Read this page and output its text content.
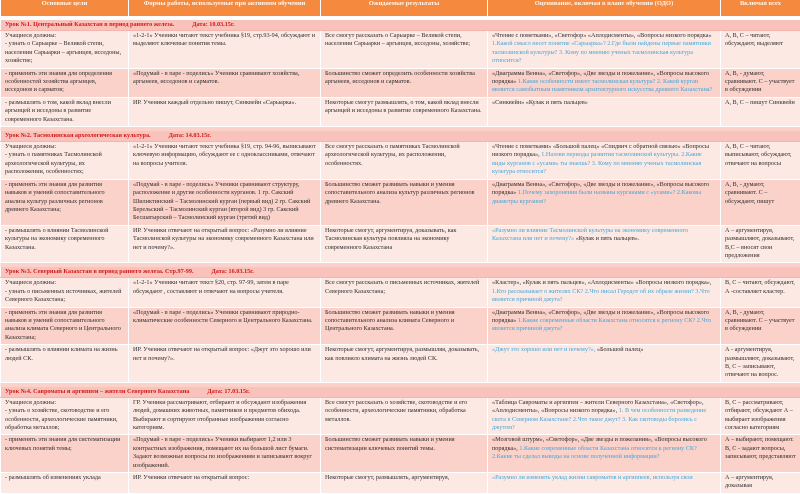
Основные цели	Формы работы, используемые при активном обучении	Ожидаемые результаты	Оценивание, включая в плане обучения (ОДО)	Включая всех
Урок №1. Центральный Казахстан в период раннего железа. Дата: 10.03.15г.				

Учащиеся должны:
- узнать о Сарыарке – Великой степи, населении Сарыарки – аргынцев, исседоны, хозяйстве;	«1-2-1» Ученики читают текст учебника §19, стр.93-94, обсуждают и выделяют ключевые понятия темы.	Все смогут рассказать о Сарыарке – Великой степи, населении Сарыарки – аргынцев, исседоны, хозяйстве;	«Чтение с пометками», «Светофор» «Аплодисменты», «Вопросы низкого порядка» 1.Какой смысл несет понятие «Сарыарка»? 2.Где были найдены первые памятники тасмолинской культуры? 3. Кому по мнению ученых тасмолинская культура относится?	А, В, С – читают, обсуждают, выделяют
- применять эти знания для определения особенностей хозяйства аргынцев, исседонов и сарматов;	«Подумай - в паре - поделись» Ученики сравнивают хозяйства, аргынеев, исседонов и сарматов.	Большинство сможет определить особенности хозяйства аргынеев, исседонов и сарматов.	«Диаграмма Венна», «Светофор», «Две звезды и пожелание», «Вопросы высокого порядка» 1.Какие особенности имеет тасмолинская культура? 2. Какой курган является самобытным памятником архитектурного искусства древнего Казахстана?	А, В, - думают, сравнивают. С – участвует в обсуждении
- размышлять о том, какой вклад внесли аргынцей и исседоны в развитие современного Казахстана.	ИР. Ученики каждый отдельно пишут, Синквейн «Сарыарка».	Некоторые смогут размышлять, о том, какой вклад внесли аргынцей и исседоны в развитие современного Казахстана.	«Синквейн» «Кулак и пять пальцев»	А, В, С – пишут Синквейн

Урок №2. Тасмолинская археологическая культура. Дата: 14.03.15г.				

Учащиеся должны:
- узнать о памятниках Тасмолинской археологической культуры, их расположении, особенностях;	«1-2-1» Ученики читают текст учебника §19, стр. 94-96, выписывают ключевую информацию, обсуждают ее с одноклассниками, отвечают на вопросы учителя.	Все смогут рассказать о памятниках Тасмолинской археологической культуры, их расположении, особенностях.	«Чтение с пометками» «Большой палец» «Спидвич с обратной связью» «Вопросы низкого порядка», 1.Назови периоды развития тасмолинской культуры. 2.Какие виды курганов с «усами» ты знаешь? 3. Кому по мнению ученых тасмолинская культура относится?	А, В, С – читают, выписывают, обсуждают, отвечают на вопросы
- применять эти знания для развития навыков и умений сопоставительного анализа культур различных регионов древнего Казахстана;	«Подумай - в паре - поделись» Ученики сравнивают структуру, расположение и другие особенности курганов. 1 гр. Сакский Шиликтинский – Тасмолинский курган (первый вид) 2 гр. Сакский Берельский – Тасмолинский курган (второй вид) 3 гр. Сакский Бесшатырский – Тасмолинский курган (третий вид)	Большинство сможет развивать навыки и умения сопоставительного анализа культур различных регионов древнего Казахстана.	«Диаграмма Венна», «Светофор», «Две звезды и пожелание», «Вопросы высокого порядка» 1.Почему захоронения были названы курганами с «усами»? 2.Каковы диаметры курганов?	А, В, - думают, сравнивают. С – обсуждают, пишут
- размышлять о влиянии Тасмолинской культуры на экономику современного Казахстана.	ИР. Ученики отвечают на открытый вопрос: «Разумно ли влияние Тасмолинской культуры на экономику современного Казахстана или нет и почему?».	Некоторые смогут, аргументируя, доказывать, как Тасмолинская культура повлияла на экономику современного Казахстана	«Разумно ли влияние Тасмолинской культуры на экономику современного Казахстана или нет и почему?» «Кулак и пять пальцев».	А – аргументируя, размышляют, доказывают, В,С – вносят свои предложения

Урок №3. Северный Казахстан в период раннего железа. Стр.97-99. Дата: 16.03.15г.				

Учащиеся должны:
- узнать о письменных источниках, жителей Северного Казахстана;	«1-2-1» Ученики читают текст §20, стр. 97-99, затем в паре обсуждают , составляют и отвечают на вопросы учителя.	Все смогут рассказать о письменных источниках, жителей Северного Казахстана;	«Кластер», «Кулак и пять пальцев», «Аплодисменты» «Вопросы низкого порядка», 1.Кто рассказывает о жителях СК? 2.Что писал Геродот об их образе жизни? 3.Что является причиной джута?	В, С – читают, обсуждают, А -составляет кластер.
- применять эти знания для развития навыков и умений сопоставительного анализа климата Северного и Центрального Казахстана;	«Подумай - в паре - поделись» Ученики сравнивают природно-климатические особенности Северного и Центрального Казахстана.	Большинство сможет развивать навыки и умения сопоставительного анализа климата Северного и Центрального Казахстана.	«Диаграмма Венна», «Светофор», «Две звезды и пожелание», «Вопросы высокого порядка» 1.Какие современные области Казахстана относятся к региону СК? 2.Что является причиной джута?	А, В, - думают, сравнивают. С – участвует в обсуждении
- размышлять о влиянии климата на жизнь людей СК.	ИР. Ученики отвечают на открытый вопрос: «Джут это хорошо или нет и почему?».	Некоторые смогут, аргументируя, размышляя, доказывать, как повлияло климата на жизнь людей СК.	«Джут это хорошо или нет и почему?», «Большой палец»	А - аргументируя, размышляют, доказывают, В, С – записывают, отвечают на вопрос.

Урок №4. Савроматы и аргиппеи – жители Северного Казахстана Дата: 17.03.15г.				

Учащиеся должны:
- узнать о хозяйстве, скотоводстве и его особенности, археологические памятники, обработка металлов;	ГР. Ученики рассматривают, отбирают и обсуждают изображения людей, домашних животных, памятников и предметов обихода. Выбирают и сортируют отобранные изображения согласно категориям.	Все смогут рассказать о хозяйстве, скотоводстве и его особенности, археологические памятники, обработка металлов.	«Таблица Савроматы и аргиппеи – жители Северного Казахстана», «Светофор», «Аплодисменты», «Вопросы низкого порядка», 1. В чем особенности разведение скота в Северном Казахстане? 2.Что такое джут? 3. Как скотоводы боролись с джутом?	В, С – рассматривают, отбирают, обсуждают А – выбирает изображения согласно категориям
- применять эти знания для систематизации ключевых понятий темы;	«Подумай - в паре - поделись» Ученики выбирают 1,2 или 3 контрастных изображения, помещают их на большой лист бумаги. Задают возможные вопросы по изображениям и записывают вокруг изображений.	Большинство сможет развивать навыки и умения систематизации ключевых понятий темы.	«Мозговой штурм», «Светофор», «Две звезды и пожелания», «Вопросы высокого порядка», 1.Какие современные области Казахстана относятся к региону СК? 2.Какие ты сделал выводы на основе полученной информации?	А – выбирают, помещают. В, С - задают вопросы, записывают, представляют
- размышлять об изменениях уклада	ИР. Ученики отвечают на открытый вопрос:	Некоторые смогут, размышлять, аргументируя,	«Разумно ли изменять уклад жизни савроматов и аргиппеев, используя свои	А – аргументируя, доказывая
